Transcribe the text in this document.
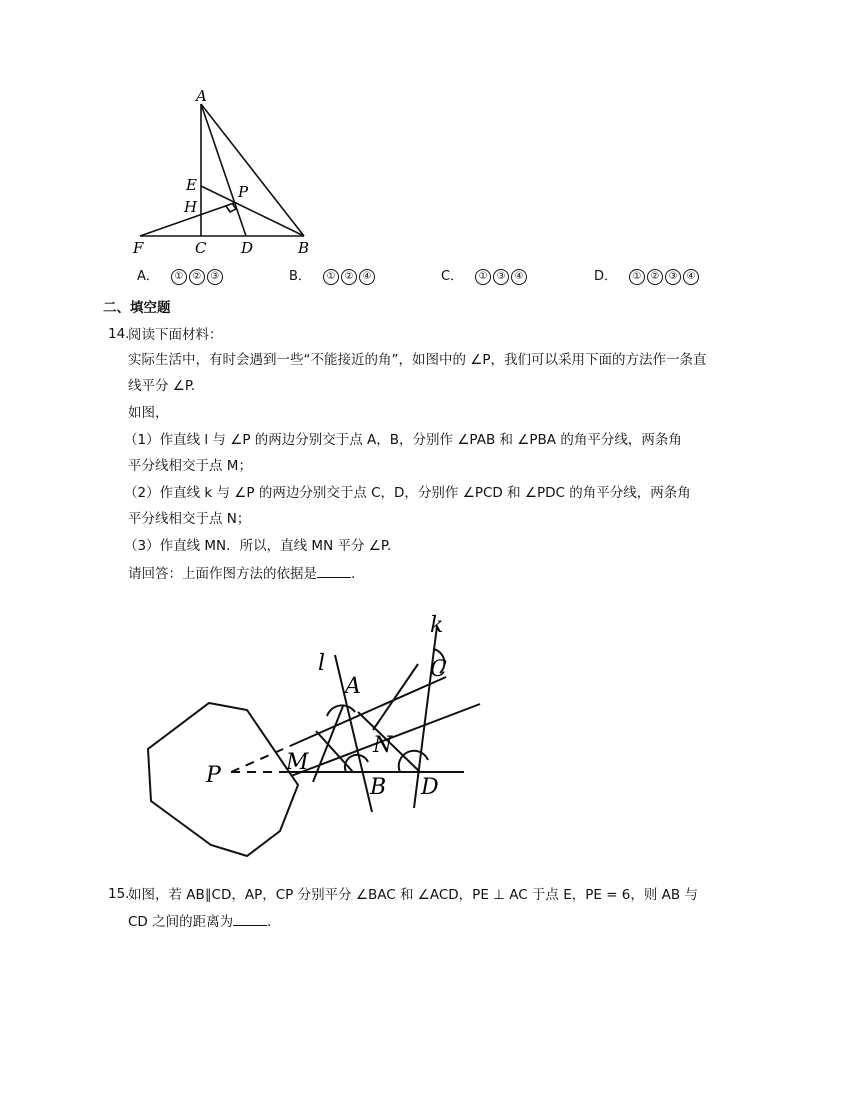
A
E
H
P
F	C D	B
A． ① ② ③	B． ① ② ④	C． ① ③ ④	D． ① ② ③ ④
二、填空题
14.
阅读下面材料：
实际生活中，有时会遇到一些“不能接近的角”，如图中的 ∠P，我们可以采用下面的方法作一条直
线平分 ∠P.
如图，
（1）作直线 l 与 ∠P 的两边分别交于点 A，B，分别作 ∠PAB 和 ∠PBA 的角平分线，两条角
平分线相交于点 M；
（2）作直线 k 与 ∠P 的两边分别交于点 C，D，分别作 ∠PCD 和 ∠PDC 的角平分线，两条角
平分线相交于点 N；
（3）作直线 MN．所以，直线 MN 平分 ∠P.
请回答：上面作图方法的依据是	.
k
l
A
C
M
N
P	B D
15.
如图，若 AB∥CD，AP，CP 分别平分 ∠BAC 和 ∠ACD，PE ⊥ AC 于点 E，PE = 6，则 AB 与
CD 之间的距离为	.
